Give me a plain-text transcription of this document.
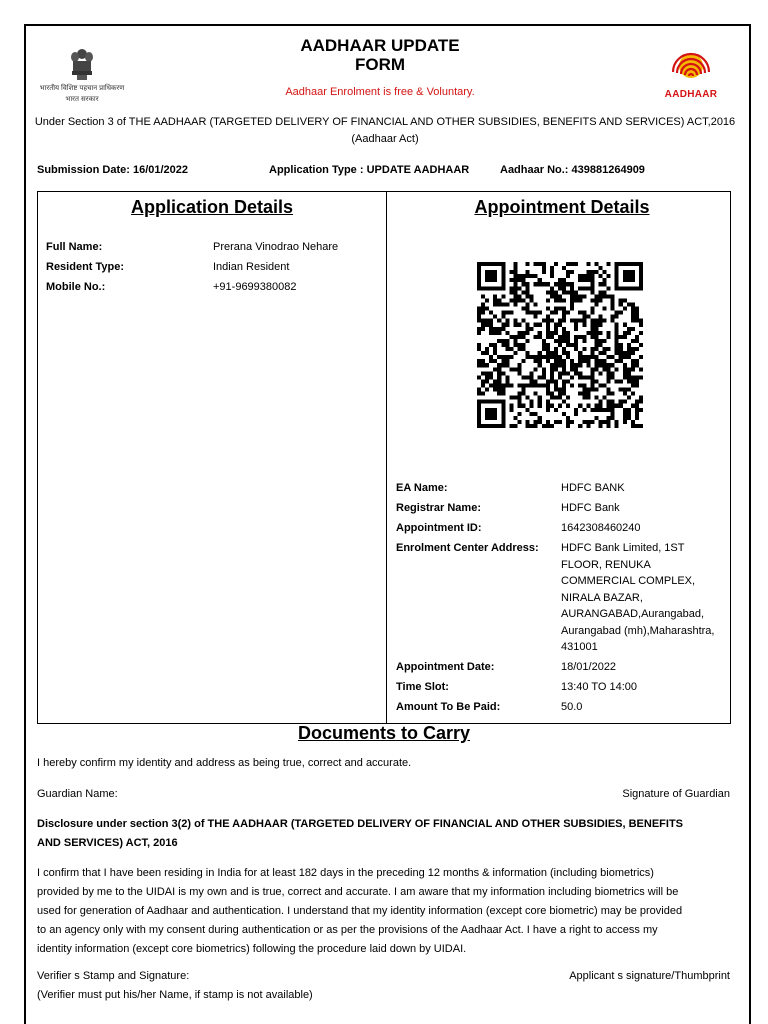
भारतीय विशिष्ट पहचान प्राधिकरण
भारत सरकार
AADHAAR UPDATE
FORM
Aadhaar Enrolment is free & Voluntary.	AADHAAR
Under Section 3 of THE AADHAAR (TARGETED DELIVERY OF FINANCIAL AND OTHER SUBSIDIES, BENEFITS AND SERVICES) ACT,2016 (Aadhaar Act)
Submission Date: 16/01/2022	Application Type : UPDATE AADHAAR	Aadhaar No.: 439881264909
Application Details	Appointment Details
Full Name:	Prerana Vinodrao Nehare
Resident Type:	Indian Resident
Mobile No.:	+91-9699380082
EA Name:	HDFC BANK
Registrar Name:	HDFC Bank
Appointment ID:	1642308460240
Enrolment Center Address: HDFC Bank Limited, 1ST
FLOOR, RENUKA
COMMERCIAL COMPLEX,
NIRALA BAZAR,
AURANGABAD,Aurangabad,
Aurangabad (mh),Maharashtra,
431001
Appointment Date:	18/01/2022
Time Slot:	13:40 TO 14:00
Amount To Be Paid:	50.0
Documents to Carry
I hereby confirm my identity and address as being true, correct and accurate.
Guardian Name:	Signature of Guardian
Disclosure under section 3(2) of THE AADHAAR (TARGETED DELIVERY OF FINANCIAL AND OTHER SUBSIDIES, BENEFITS
AND SERVICES) ACT, 2016
I confirm that I have been residing in India for at least 182 days in the preceding 12 months & information (including biometrics)
provided by me to the UIDAI is my own and is true, correct and accurate. I am aware that my information including biometrics will be
used for generation of Aadhaar and authentication. I understand that my identity information (except core biometric) may be provided
to an agency only with my consent during authentication or as per the provisions of the Aadhaar Act. I have a right to access my
identity information (except core biometrics) following the procedure laid down by UIDAI.
Verifier s Stamp and Signature:	Applicant s signature/Thumbprint
(Verifier must put his/her Name, if stamp is not available)
